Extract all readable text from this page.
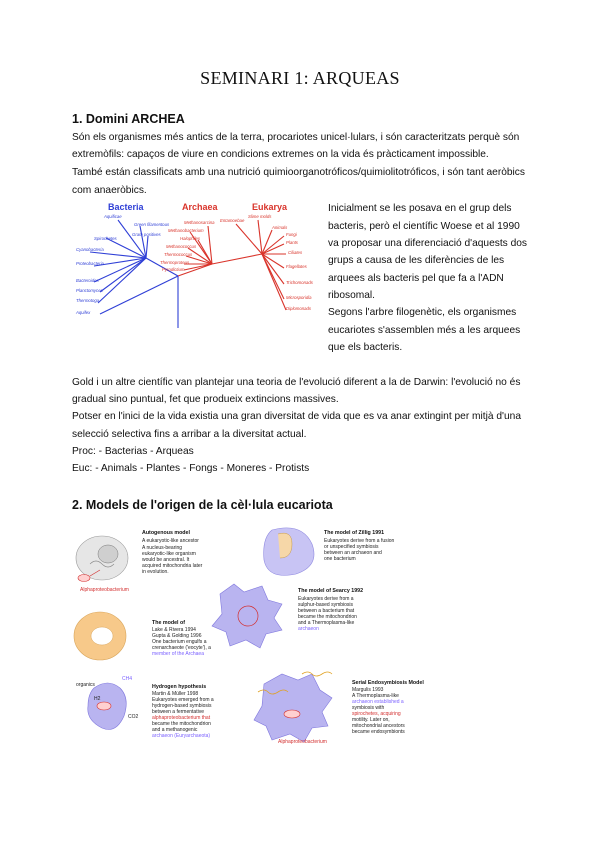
SEMINARI 1: ARQUEAS
1. Domini ARCHEA
Són els organismes més antics de la terra, procariotes unicel·lulars, i són caracteritzats perquè són
extremòfils: capaços de viure en condicions extremes on la vida és pràcticament impossible.
També están classificats amb una nutrició quimioorganotróficos/quimiolitotróficos, i són tant aeròbics
com anaeròbics.
Bacteria	Archaea	Eukarya
Aquificae
Green filamentous
Spirochetes
Gram positives
Cyanobacteria
Proteobacteria
Bacteroides
Planctomyces
Thermotoga
Aquifex
Methanosarcina
Methanobacterium
Halophiles
Methanococcus
Thermococcus
Thermoproteus
Pyrodictium
Entamoebae
Slime molds
Animals
Fungi
Plants
Ciliates
Flagellates
Trichomonads
Microsporidia
Diplomonads
Inicialment se les posava en el grup dels
bacteris, però el científic Woese et al 1990
va proposar una diferenciació d'aquests dos
grups a causa de les diferències de les
arquees als bacteris pel que fa a l'ADN
ribosomal.
Segons l'arbre filogenètic, els organismes
eucariotes s'assemblen més a les arquees
que els bacteris.
Gold i un altre científic van plantejar una teoria de l'evolució diferent a la de Darwin: l'evolució no és
gradual sino puntual, fet que produeix extincions massives.
Potser en l'inici de la vida existia una gran diversitat de vida que es va anar extingint per mitjà d'una
selecció selectiva fins a arribar a la diversitat actual.
Proc: - Bacterias - Arqueas
Euc: - Animals - Plantes - Fongs - Moneres - Protists
2. Models de l'origen de la cèl·lula eucariota
Alphaproteobacterium
Autogenous model
A eukaryotic-like ancestor
A nucleus-bearing
eukaryotic-like organism
would be ancestral. It
acquired mitochondria later
in evolution.
The model of Zillig 1991
Eukaryotes derive from a fusion
or unspecified symbiosis
between an archaeon and
one bacterium
The model of Searcy 1992
Eukaryotes derive from a
sulphur-based symbiosis
between a bacterium that
became the mitochondrion
and a Thermoplasma-like
archaeon
The model of
Lake & Rivera 1994
Gupta & Golding 1996
One bacterium engulfs a
crenarchaeote ('eocyte'), a
member of the Archaea
organics
CH4
H2
CO2
Hydrogen hypothesis
Martin & Müller 1998
Eukaryotes emerged from a
hydrogen-based symbiosis
between a fermentative
alphaproteobacterium that
became the mitochondrion
and a methanogenic
archaeon (Euryarchaeota)
Alphaproteobacterium
Serial Endosymbiosis Model
Margulis 1993
A Thermoplasma-like
archaeon established a
symbiosis with
spirochetes, acquiring
motility. Later on,
mitochondrial ancestors
became endosymbionts
